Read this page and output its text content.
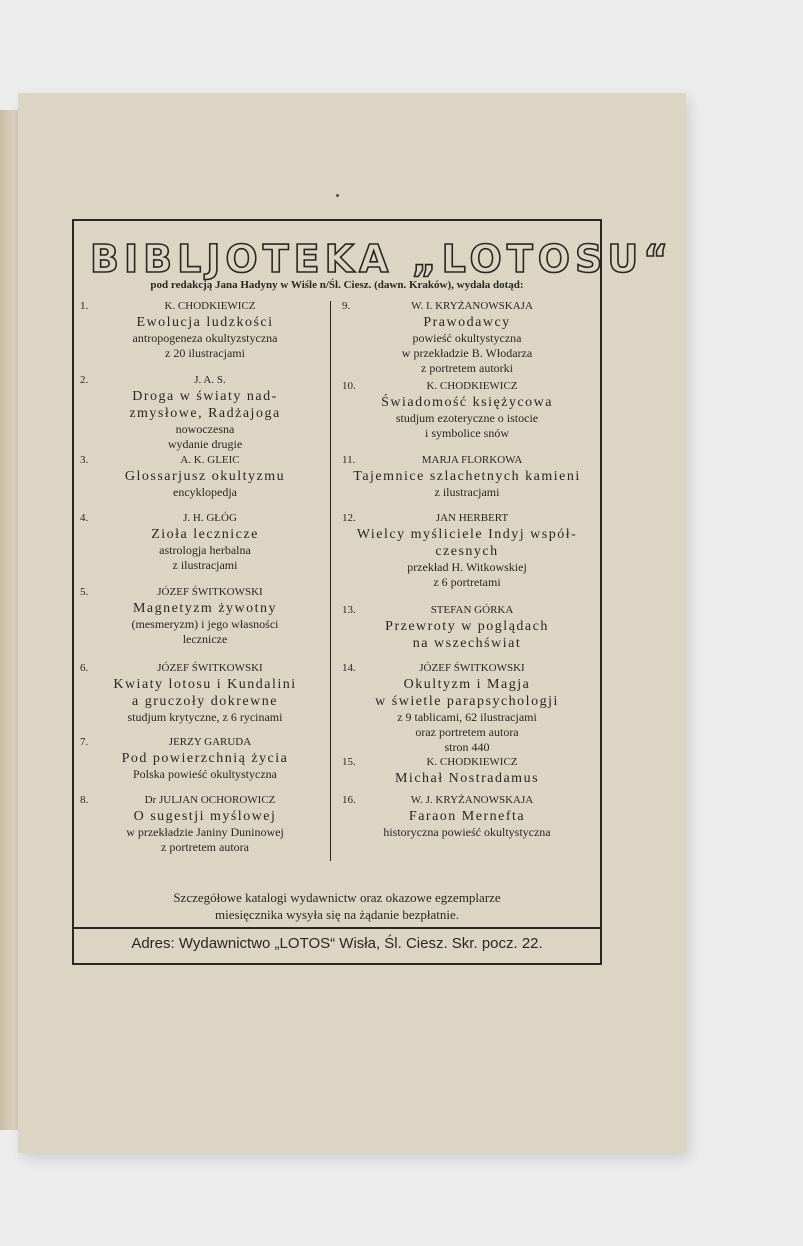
BIBLJOTEKA „LOTOSU“
pod redakcją Jana Hadyny w Wiśle n/Śl. Ciesz. (dawn. Kraków), wydała dotąd:
1.	K. CHODKIEWICZ
Ewolucja ludzkości
antropogeneza okultyzstyczna
z 20 ilustracjami
2.	J. A. S.
Droga w światy nad-
zmysłowe, Radżajoga
nowoczesna
wydanie drugie
3.	A. K. GLEIC
Glossarjusz okultyzmu
encyklopedja
4.	J. H. GŁÓG
Zioła lecznicze
astrologja herbalna
z ilustracjami
5.	JÓZEF ŚWITKOWSKI
Magnetyzm żywotny
(mesmeryzm) i jego własności
lecznicze
6.	JÓZEF ŚWITKOWSKI
Kwiaty lotosu i Kundalini
a gruczoły dokrewne
studjum krytyczne, z 6 rycinami
7.	JERZY GARUDA
Pod powierzchnią życia
Polska powieść okultystyczna
8.	Dr JULJAN OCHOROWICZ
O sugestji myślowej
w przekładzie Janiny Duninowej
z portretem autora
9.	W. I. KRYŻANOWSKAJA
Prawodawcy
powieść okultystyczna
w przekładzie B. Włodarza
z portretem autorki
10.	K. CHODKIEWICZ
Świadomość księżycowa
studjum ezoteryczne o istocie
i symbolice snów
11.	MARJA FLORKOWA
Tajemnice szlachetnych kamieni
z ilustracjami
12.	JAN HERBERT
Wielcy myśliciele Indyj współ-
czesnych
przekład H. Witkowskiej
z 6 portretami
13.	STEFAN GÓRKA
Przewroty w poglądach
na wszechświat
14.	JÓZEF ŚWITKOWSKI
Okultyzm i Magja
w świetle parapsychologji
z 9 tablicami, 62 ilustracjami
oraz portretem autora
stron 440
15.	K. CHODKIEWICZ
Michał Nostradamus
16.	W. J. KRYŻANOWSKAJA
Faraon Mernefta
historyczna powieść okultystyczna
Szczegółowe katalogi wydawnictw oraz okazowe egzemplarze
miesięcznika wysyła się na żądanie bezpłatnie.
Adres: Wydawnictwo „LOTOS“ Wisła, Śl. Ciesz. Skr. pocz. 22.
